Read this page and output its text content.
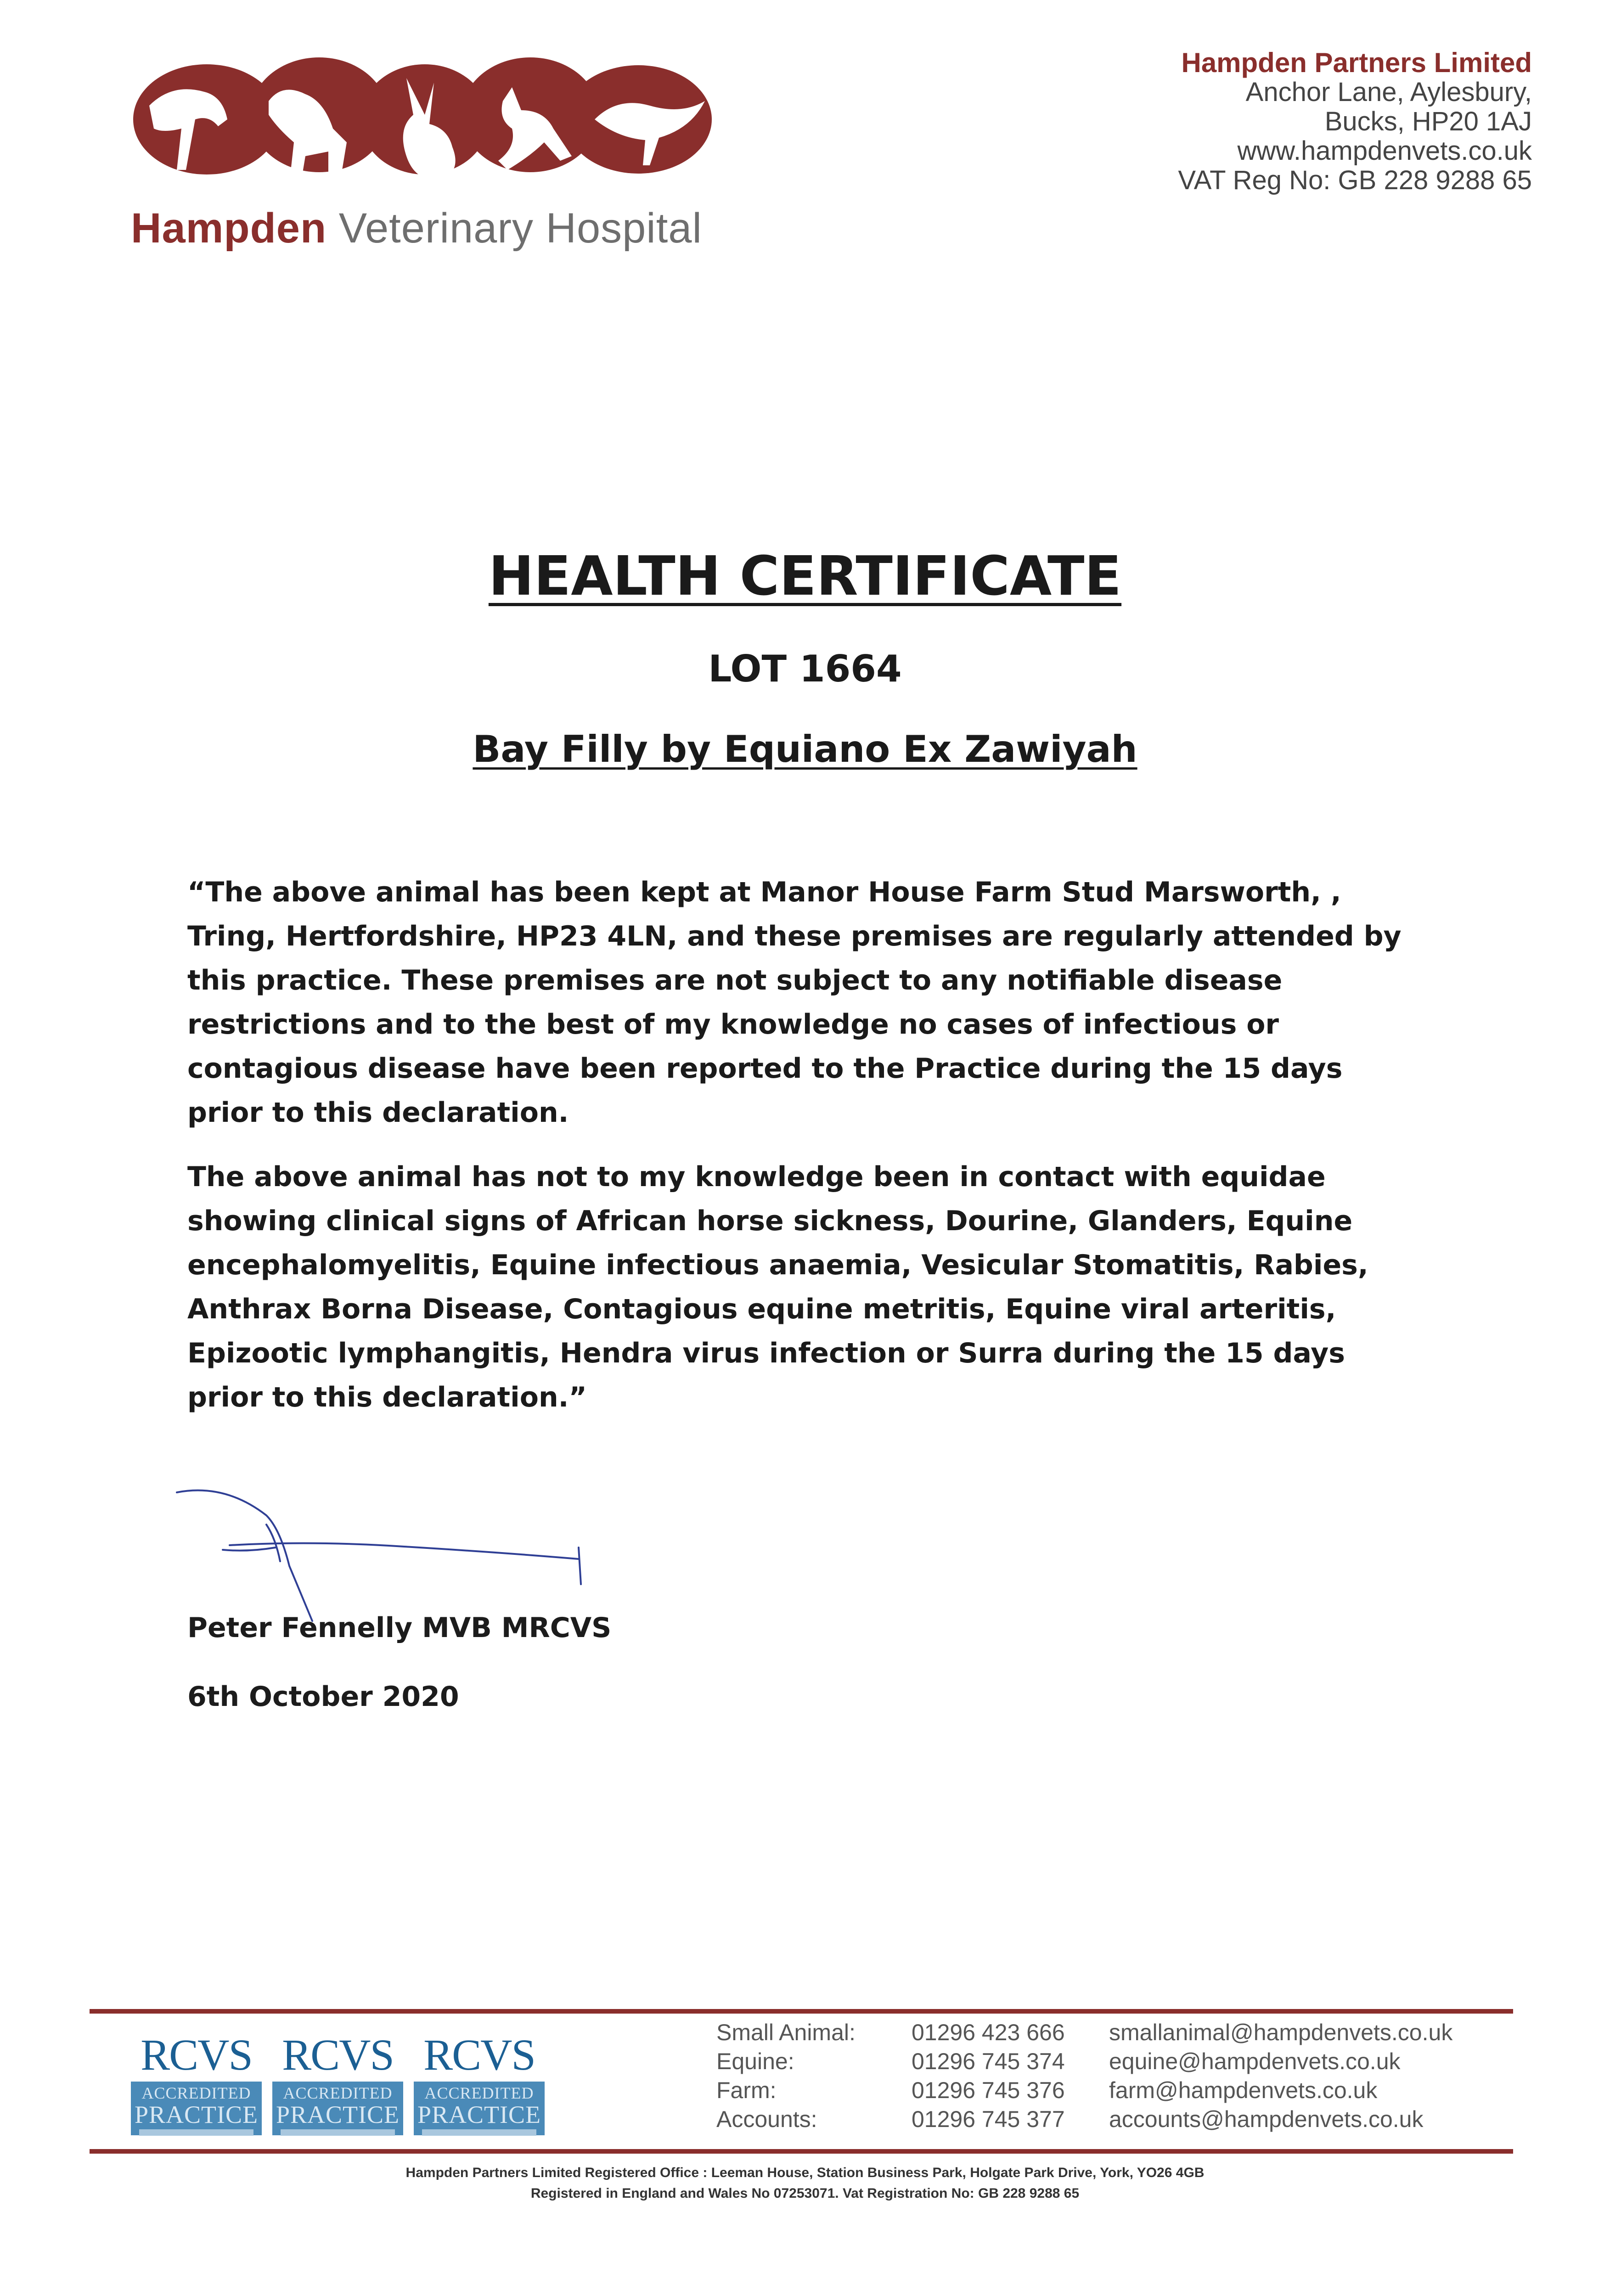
Hampden Veterinary Hospital
Hampden Partners Limited
Anchor Lane, Aylesbury,
Bucks, HP20 1AJ
www.hampdenvets.co.uk
VAT Reg No: GB 228 9288 65
HEALTH CERTIFICATE
LOT 1664
Bay Filly by Equiano Ex Zawiyah

“The above animal has been kept at Manor House Farm Stud Marsworth, , Tring, Hertfordshire, HP23 4LN, and these premises are regularly attended by this practice. These premises are not subject to any notifiable disease restrictions and to the best of my knowledge no cases of infectious or contagious disease have been reported to the Practice during the 15 days prior to this declaration.

The above animal has not to my knowledge been in contact with equidae showing clinical signs of African horse sickness, Dourine, Glanders, Equine encephalomyelitis, Equine infectious anaemia, Vesicular Stomatitis, Rabies, Anthrax Borna Disease, Contagious equine metritis, Equine viral arteritis, Epizootic lymphangitis, Hendra virus infection or Surra during the 15 days prior to this declaration.”

Peter Fennelly MVB MRCVS
6th October 2020
RCVS
ACCREDITED
PRACTICE
RCVS
ACCREDITED
PRACTICE
RCVS
ACCREDITED
PRACTICE
Small Animal:	01296 423 666	smallanimal@hampdenvets.co.uk
Equine:	01296 745 374	equine@hampdenvets.co.uk
Farm:	01296 745 376	farm@hampdenvets.co.uk
Accounts:	01296 745 377	accounts@hampdenvets.co.uk
Hampden Partners Limited Registered Office : Leeman House, Station Business Park, Holgate Park Drive, York, YO26 4GB
Registered in England and Wales No 07253071. Vat Registration No: GB 228 9288 65
